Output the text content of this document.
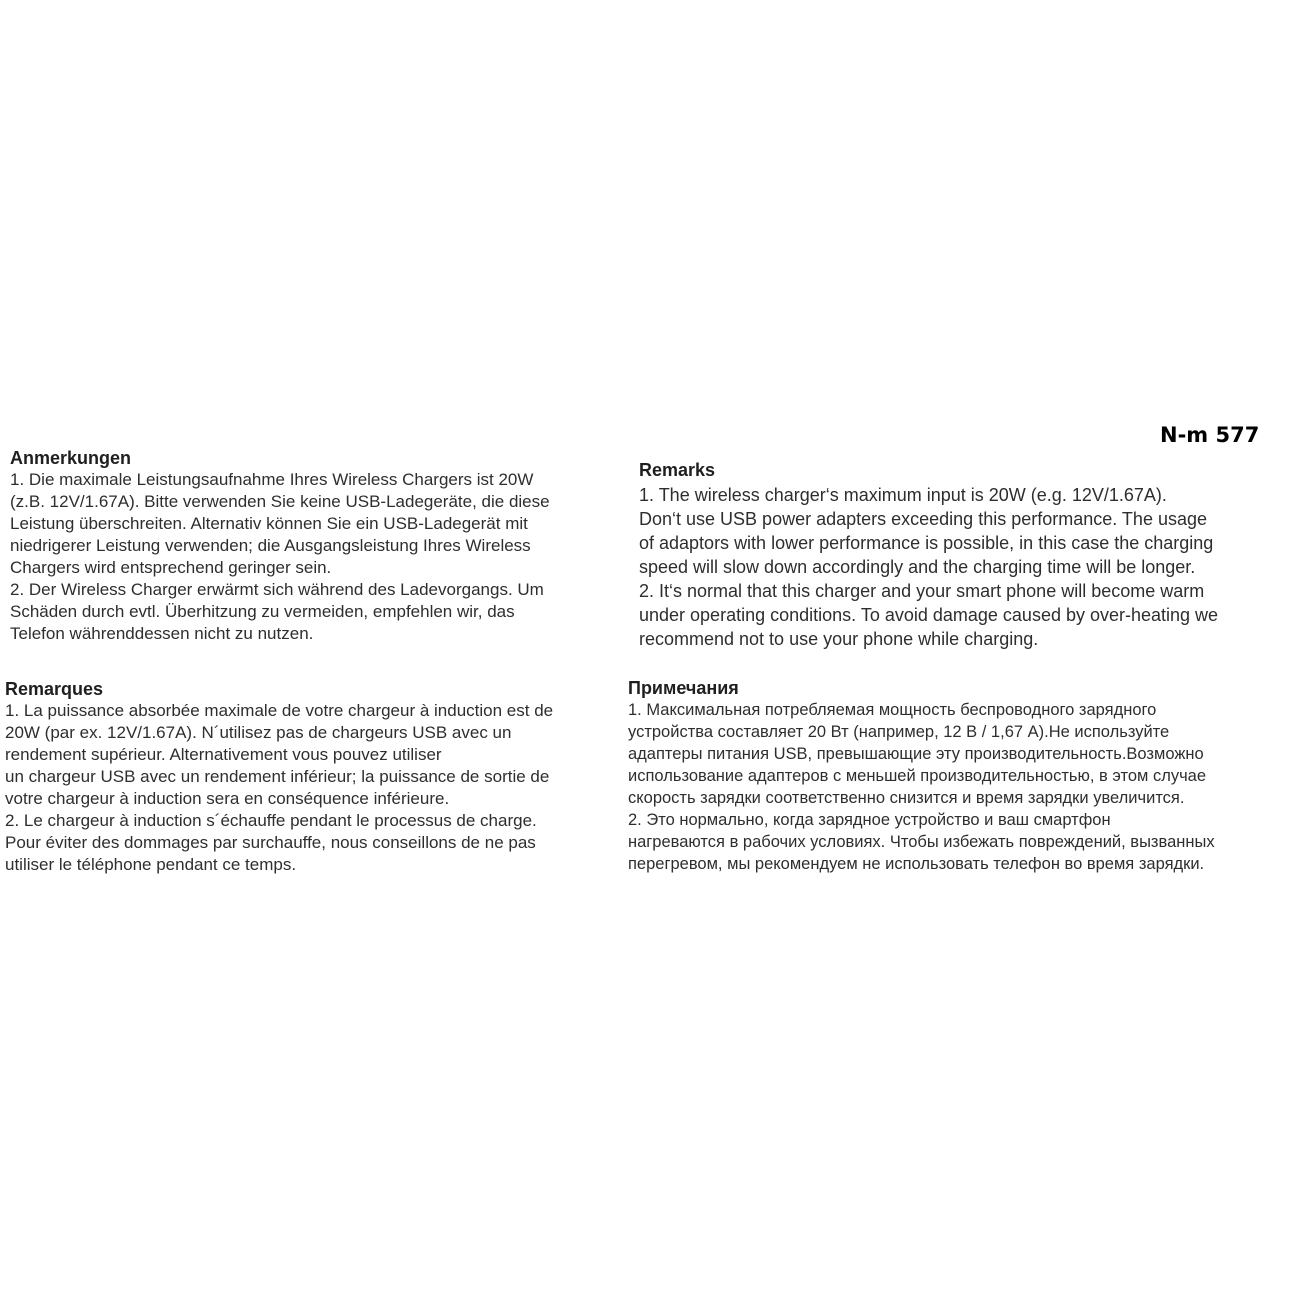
N-m 577
Anmerkungen
1. Die maximale Leistungsaufnahme Ihres Wireless Chargers ist 20W
(z.B. 12V/1.67A). Bitte verwenden Sie keine USB-Ladegeräte, die diese
Leistung überschreiten. Alternativ können Sie ein USB-Ladegerät mit
niedrigerer Leistung verwenden; die Ausgangsleistung Ihres Wireless
Chargers wird entsprechend geringer sein.
2. Der Wireless Charger erwärmt sich während des Ladevorgangs. Um
Schäden durch evtl. Überhitzung zu vermeiden, empfehlen wir, das
Telefon währenddessen nicht zu nutzen.
Remarks
1. The wireless charger‘s maximum input is 20W (e.g. 12V/1.67A).
Don‘t use USB power adapters exceeding this performance. The usage
of adaptors with lower performance is possible, in this case the charging
speed will slow down accordingly and the charging time will be longer.
2. It‘s normal that this charger and your smart phone will become warm
under operating conditions. To avoid damage caused by over-heating we
recommend not to use your phone while charging.
Remarques
1. La puissance absorbée maximale de votre chargeur à induction est de
20W (par ex. 12V/1.67A). N´utilisez pas de chargeurs USB avec un
rendement supérieur. Alternativement vous pouvez utiliser
un chargeur USB avec un rendement inférieur; la puissance de sortie de
votre chargeur à induction sera en conséquence inférieure.
2. Le chargeur à induction s´échauffe pendant le processus de charge.
Pour éviter des dommages par surchauffe, nous conseillons de ne pas
utiliser le téléphone pendant ce temps.
Примечания
1. Максимальная потребляемая мощность беспроводного зарядного
устройства составляет 20 Вт (например, 12 В / 1,67 А).Не используйте
адаптеры питания USB, превышающие эту производительность.Возможно
использование адаптеров с меньшей производительностью, в этом случае
скорость зарядки соответственно снизится и время зарядки увеличится.
2. Это нормально, когда зарядное устройство и ваш смартфон
нагреваются в рабочих условиях. Чтобы избежать повреждений, вызванных
перегревом, мы рекомендуем не использовать телефон во время зарядки.
